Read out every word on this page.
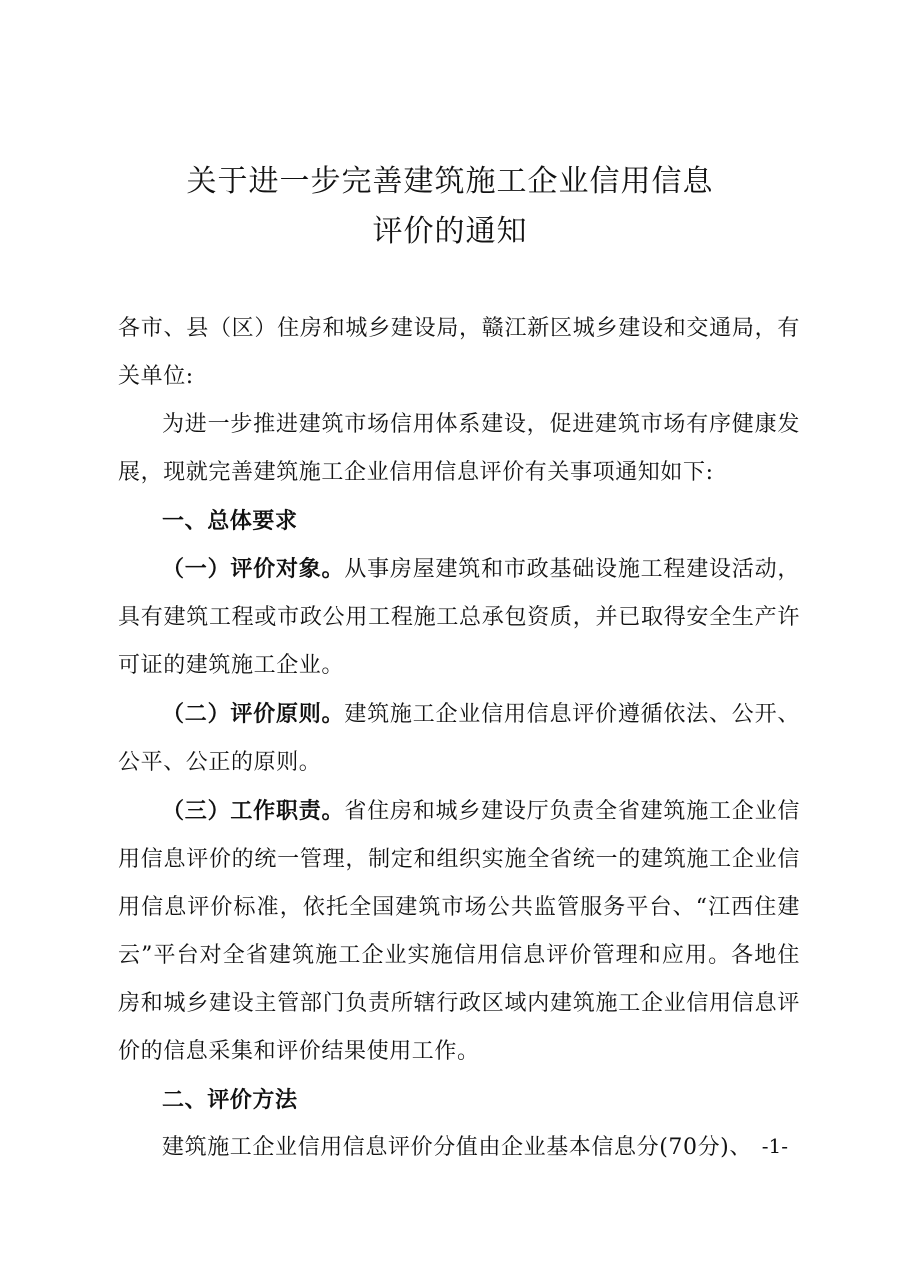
关于进一步完善建筑施工企业信用信息
评价的通知

各市、县（区）住房和城乡建设局，赣江新区城乡建设和交通局，有关单位:

为进一步推进建筑市场信用体系建设，促进建筑市场有序健康发展，现就完善建筑施工企业信用信息评价有关事项通知如下:

一、总体要求

（一）评价对象。从事房屋建筑和市政基础设施工程建设活动，具有建筑工程或市政公用工程施工总承包资质，并已取得安全生产许可证的建筑施工企业。

（二）评价原则。建筑施工企业信用信息评价遵循依法、公开、公平、公正的原则。

（三）工作职责。省住房和城乡建设厅负责全省建筑施工企业信用信息评价的统一管理，制定和组织实施全省统一的建筑施工企业信用信息评价标准，依托全国建筑市场公共监管服务平台、“江西住建云”平台对全省建筑施工企业实施信用信息评价管理和应用。各地住房和城乡建设主管部门负责所辖行政区域内建筑施工企业信用信息评价的信息采集和评价结果使用工作。

二、评价方法

建筑施工企业信用信息评价分值由企业基本信息分(70分)、 -1-
